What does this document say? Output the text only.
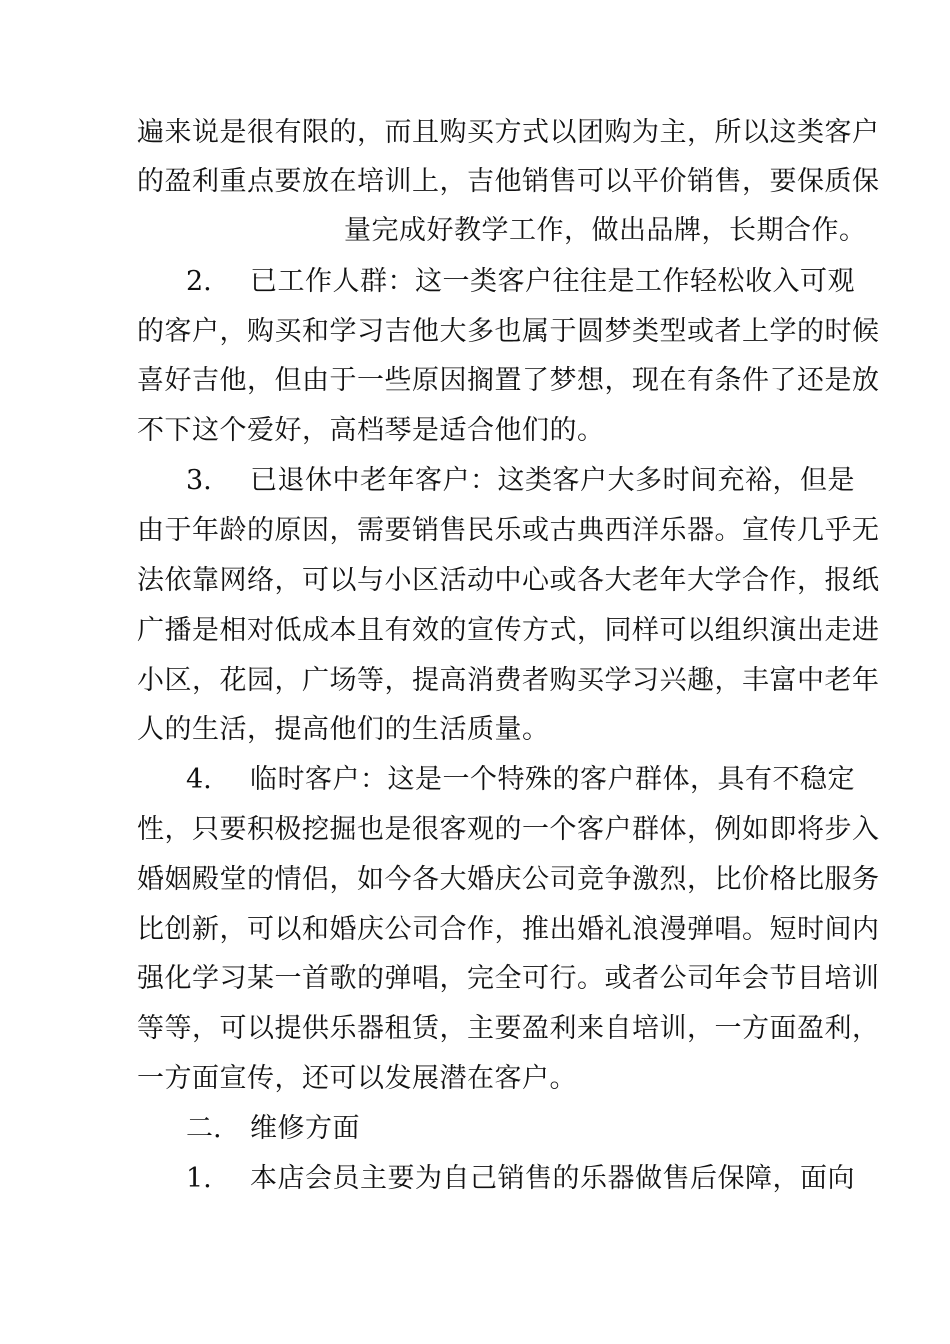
遍来说是很有限的，而且购买方式以团购为主，所以这类客户
的盈利重点要放在培训上，吉他销售可以平价销售，要保质保
量完成好教学工作，做出品牌，长期合作。
2. 已工作人群：这一类客户往往是工作轻松收入可观
的客户，购买和学习吉他大多也属于圆梦类型或者上学的时候
喜好吉他，但由于一些原因搁置了梦想，现在有条件了还是放
不下这个爱好，高档琴是适合他们的。
3. 已退休中老年客户：这类客户大多时间充裕，但是
由于年龄的原因，需要销售民乐或古典西洋乐器。宣传几乎无
法依靠网络，可以与小区活动中心或各大老年大学合作，报纸
广播是相对低成本且有效的宣传方式，同样可以组织演出走进
小区，花园，广场等，提高消费者购买学习兴趣，丰富中老年
人的生活，提高他们的生活质量。
4. 临时客户：这是一个特殊的客户群体，具有不稳定
性，只要积极挖掘也是很客观的一个客户群体，例如即将步入
婚姻殿堂的情侣，如今各大婚庆公司竞争激烈，比价格比服务
比创新，可以和婚庆公司合作，推出婚礼浪漫弹唱。短时间内
强化学习某一首歌的弹唱，完全可行。或者公司年会节目培训
等等，可以提供乐器租赁，主要盈利来自培训，一方面盈利，
一方面宣传，还可以发展潜在客户。
二. 维修方面
1. 本店会员主要为自己销售的乐器做售后保障，面向
